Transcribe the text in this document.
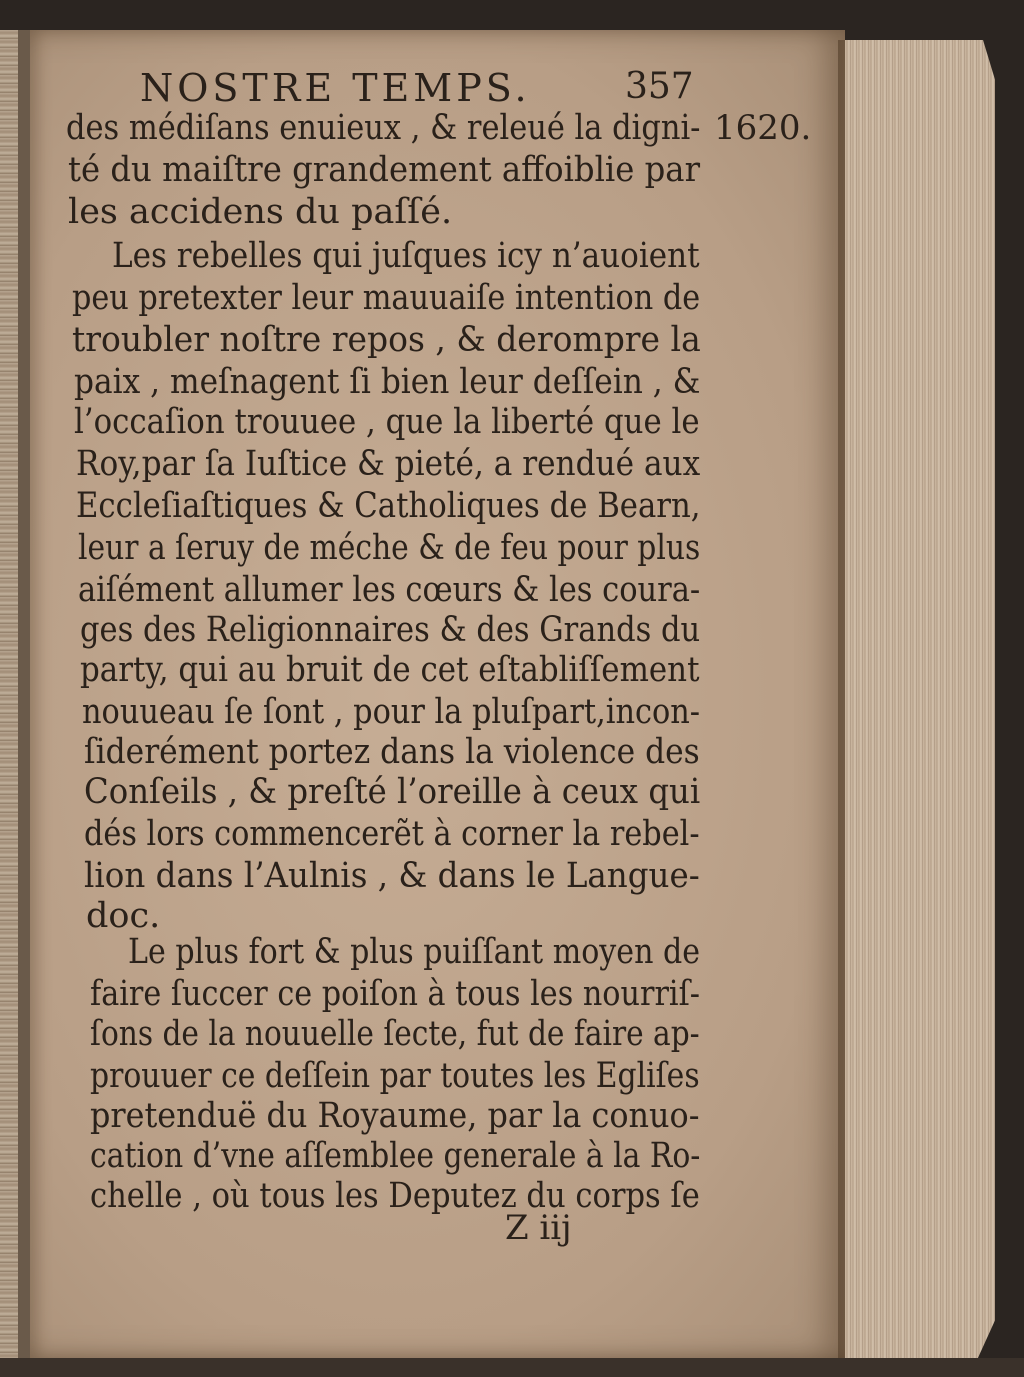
NOSTRE TEMPS.	357
1620.
des médiſans enuieux , & releué la digni-
té du maiſtre grandement affoiblie par
les accidens du paſſé.
Les rebelles qui juſques icy n’auoient
peu pretexter leur mauuaiſe intention de
troubler noſtre repos , & derompre la
paix , meſnagent ſi bien leur deſſein , &
l’occaſion trouuee , que la liberté que le
Roy,par ſa Iuſtice & pieté, a rendué aux
Eccleſiaſtiques & Catholiques de Bearn,
leur a ſeruy de méche & de feu pour plus
aiſément allumer les cœurs & les coura-
ges des Religionnaires & des Grands du
party, qui au bruit de cet eſtabliſſement
nouueau ſe ſont , pour la pluſpart,incon-
ſiderément portez dans la violence des
Conſeils , & preſté l’oreille à ceux qui
dés lors commencerẽt à corner la rebel-
lion dans l’Aulnis , & dans le Langue-
doc.
Le plus fort & plus puiſſant moyen de
faire ſuccer ce poiſon à tous les nourriſ-
ſons de la nouuelle ſecte, fut de faire ap-
prouuer ce deſſein par toutes les Egliſes
pretenduë du Royaume, par la conuo-
cation d’vne aſſemblee generale à la Ro-
chelle , où tous les Deputez du corps ſe
Z iij
